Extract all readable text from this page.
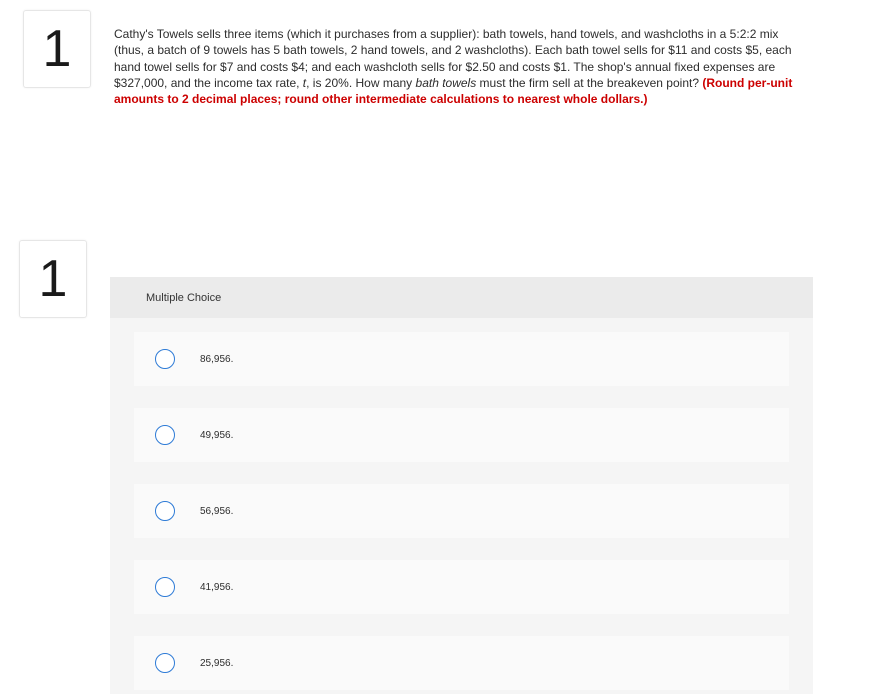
1	Cathy's Towels sells three items (which it purchases from a supplier): bath towels, hand towels, and washcloths in a 5:2:2 mix (thus, a batch of 9 towels has 5 bath towels, 2 hand towels, and 2 washcloths). Each bath towel sells for $11 and costs $5, each hand towel sells for $7 and costs $4; and each washcloth sells for $2.50 and costs $1. The shop's annual fixed expenses are $327,000, and the income tax rate, t, is 20%. How many bath towels must the firm sell at the breakeven point? (Round per-unit amounts to 2 decimal places; round other intermediate calculations to nearest whole dollars.)

1	Multiple Choice
86,956.
49,956.
56,956.
41,956.
25,956.
